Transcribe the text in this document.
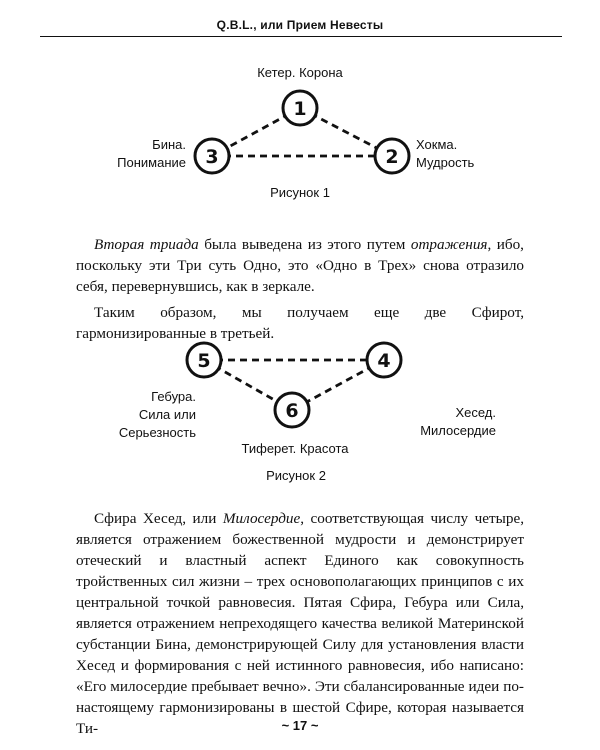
Q.B.L., или Прием Невесты
Кетер. Корона
Бина.
Понимание
Хокма.
Мудрость
1
3	2
Рисунок 1

Вторая триада была выведена из этого путем отражения, ибо, поскольку эти Три суть Одно, это «Одно в Трех» снова отразило себя, перевернувшись, как в зеркале.

Таким образом, мы получаем еще две Сфирот, гармонизированные в третьей.

5	4
6
Гебура.
Сила или
Серьезность
Хесед.
Милосердие
Тиферет. Красота
Рисунок 2

Сфира Хесед, или Милосердие, соответствующая числу четыре, является отражением божественной мудрости и демонстрирует отеческий и властный аспект Единого как совокупность тройственных сил жизни – трех основополагающих принципов с их центральной точкой равновесия. Пятая Сфира, Гебура или Сила, является отражением непреходящего качества великой Материнской субстанции Бина, демонстрирующей Силу для установления власти Хесед и формирования с ней истинного равновесия, ибо написано: «Его милосердие пребывает вечно». Эти сбалансированные идеи по-настоящему гармонизированы в шестой Сфире, которая называется Ти-	~ 17 ~
